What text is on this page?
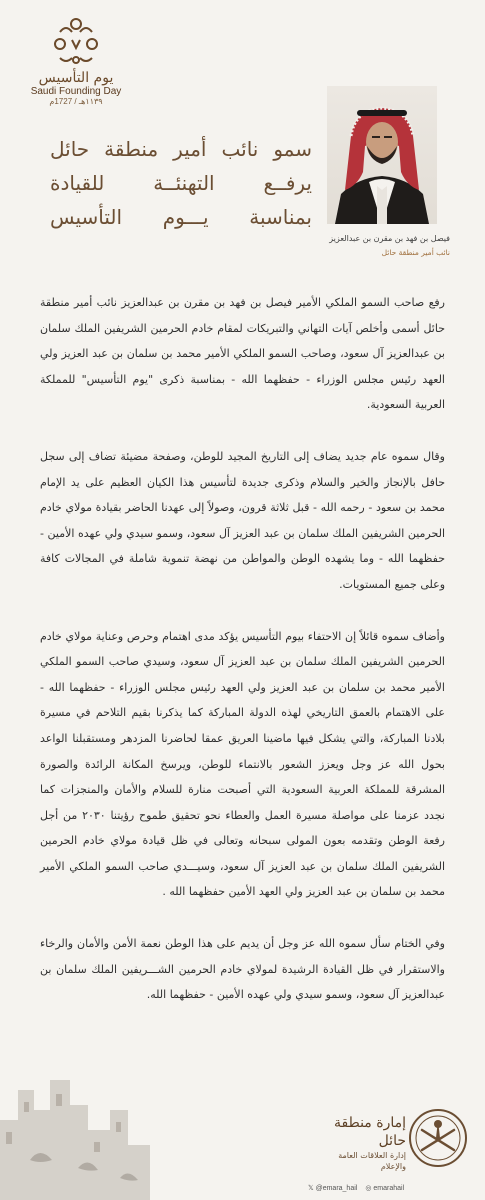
يوم التأسيس
Saudi Founding Day
١١٣٩هـ / 1727م
فيصل بن فهد بن مقرن بن عبدالعزيز
نائب أمير منطقة حائل
سمو نائب أمير منطقة حائل
يرفــع التهنئــة للقيادة
بمناسبة يـــوم التأسيس

رفع صاحب السمو الملكي الأمير فيصل بن فهد بن مقرن بن عبدالعزيز نائب أمير منطقة حائل أسمى وأخلص آيات التهاني والتبريكات لمقام خادم الحرمين الشريفين الملك سلمان بن عبدالعزيز آل سعود، وصاحب السمو الملكي الأمير محمد بن سلمان بن عبد العزيز ولي العهد رئيس مجلس الوزراء - حفظهما الله - بمناسبة ذكرى "يوم التأسيس" للمملكة العربية السعودية.

وقال سموه عام جديد يضاف إلى التاريخ المجيد للوطن، وصفحة مضيئة تضاف إلى سجل حافل بالإنجاز والخير والسلام وذكرى جديدة لتأسيس هذا الكيان العظيم على يد الإمام محمد بن سعود - رحمه الله - قبل ثلاثة قرون، وصولاً إلى عهدنا الحاضر بقيادة مولاي خادم الحرمين الشريفين الملك سلمان بن عبد العزيز آل سعود، وسمو سيدي ولي عهده الأمين - حفظهما الله - وما يشهده الوطن والمواطن من نهضة تنموية شاملة في المجالات كافة وعلى جميع المستويات.

وأضاف سموه قائلاً إن الاحتفاء بيوم التأسيس يؤكد مدى اهتمام وحرص وعناية مولاي خادم الحرمين الشريفين الملك سلمان بن عبد العزيز آل سعود، وسيدي صاحب السمو الملكي الأمير محمد بن سلمان بن عبد العزيز ولي العهد رئيس مجلس الوزراء - حفظهما الله - على الاهتمام بالعمق التاريخي لهذه الدولة المباركة كما يذكرنا بقيم التلاحم في مسيرة بلادنا المباركة، والتي يشكل فيها ماضينا العريق عمقا لحاضرنا المزدهر ومستقبلنا الواعد بحول الله عز وجل ويعزز الشعور بالانتماء للوطن، ويرسخ المكانة الرائدة والصورة المشرقة للمملكة العربية السعودية التي أصبحت منارة للسلام والأمان والمنجزات كما نجدد عزمنا على مواصلة مسيرة العمل والعطاء نحو تحقيق طموح رؤيتنا ٢٠٣٠ من أجل رفعة الوطن وتقدمه بعون المولى سبحانه وتعالى في ظل قيادة مولاي خادم الحرمين الشريفين الملك سلمان بن عبد العزيز آل سعود، وسيـــدي صاحب السمو الملكي الأمير محمد بن سلمان بن عبد العزيز ولي العهد الأمين حفظهما الله .

وفي الختام سأل سموه الله عز وجل أن يديم على هذا الوطن نعمة الأمن والأمان والرخاء والاستقرار في ظل القيادة الرشيدة لمولاي خادم الحرمين الشـــريفين الملك سلمان بن عبدالعزيز آل سعود، وسمو سيدي ولي عهده الأمين - حفظهما الله.

إمارة منطقة حائل
إدارة العلاقات العامة والإعلام
𝕏 @emara_hail ◎ emarahail
